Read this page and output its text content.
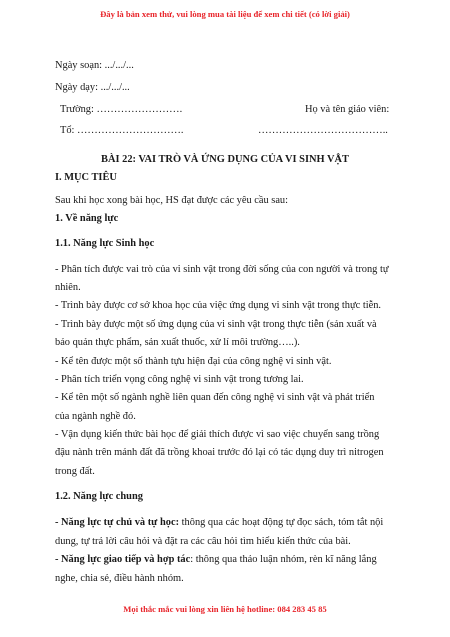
Đây là bản xem thử, vui lòng mua tài liệu để xem chi tiết (có lời giải)
Ngày soạn: .../.../...
Ngày dạy: .../.../...
Trường: …………………….	Họ và tên giáo viên:
Tổ: ………………………….	………………………………..
BÀI 22: VAI TRÒ VÀ ỨNG DỤNG CỦA VI SINH VẬT
I. MỤC TIÊU
Sau khi học xong bài học, HS đạt được các yêu cầu sau:
1. Về năng lực
1.1. Năng lực Sinh học
- Phân tích được vai trò của vi sinh vật trong đời sống của con người và trong tự
nhiên.
- Trình bày được cơ sở khoa học của việc ứng dụng vi sinh vật trong thực tiễn.
- Trình bày được một số ứng dụng của vi sinh vật trong thực tiễn (sản xuất và
bảo quản thực phẩm, sản xuất thuốc, xử lí môi trường…..).
- Kể tên được một số thành tựu hiện đại của công nghệ vi sinh vật.
- Phân tích triển vọng công nghệ vi sinh vật trong tương lai.
- Kể tên một số ngành nghề liên quan đến công nghệ vi sinh vật và phát triển
của ngành nghề đó.
- Vận dụng kiến thức bài học để giải thích được vì sao việc chuyển sang trồng
đậu nành trên mảnh đất đã trồng khoai trước đó lại có tác dụng duy trì nitrogen
trong đất.
1.2. Năng lực chung
- Năng lực tự chủ và tự học: thông qua các hoạt động tự đọc sách, tóm tắt nội
dung, tự trả lời câu hỏi và đặt ra các câu hỏi tìm hiểu kiến thức của bài.
- Năng lực giao tiếp và hợp tác: thông qua thảo luận nhóm, rèn kĩ năng lắng
nghe, chia sẻ, điều hành nhóm.
Mọi thắc mắc vui lòng xin liên hệ hotline: 084 283 45 85
